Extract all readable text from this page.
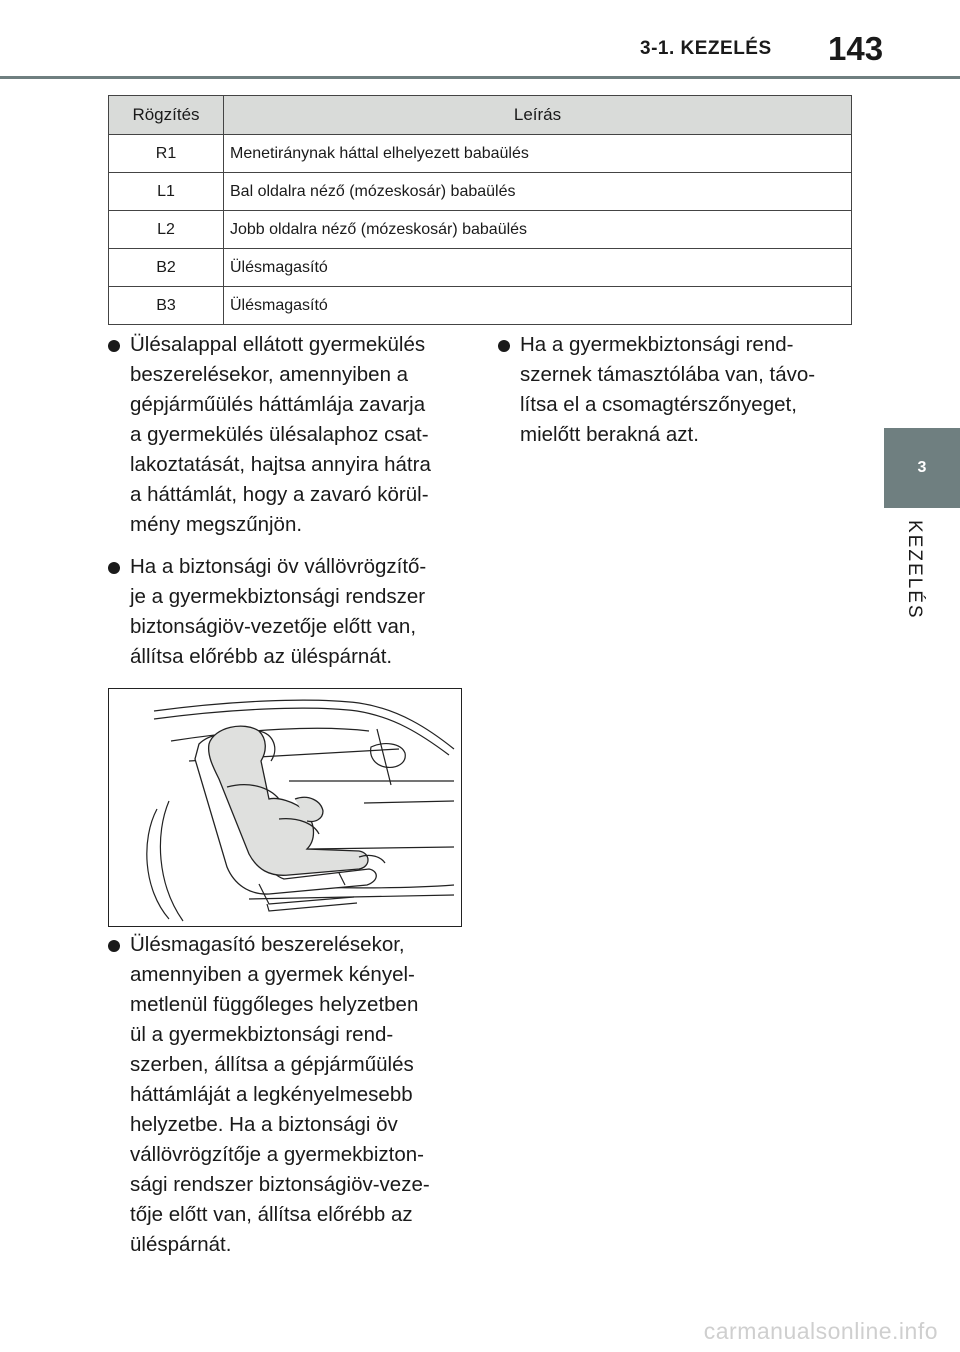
3-1. KEZELÉS 143
3
KEZELÉS
Rögzítés	Leírás
R1	Menetiránynak háttal elhelyezett babaülés
L1	Bal oldalra néző (mózeskosár) babaülés
L2	Jobb oldalra néző (mózeskosár) babaülés
B2	Ülésmagasító
B3	Ülésmagasító
Ülésalappal ellátott gyermekülés
beszerelésekor, amennyiben a
gépjárműülés háttámlája zavarja
a gyermekülés ülésalaphoz csat-
lakoztatását, hajtsa annyira hátra
a háttámlát, hogy a zavaró körül-
mény megszűnjön.
Ha a biztonsági öv vállövrögzítő-
je a gyermekbiztonsági rendszer
biztonságiöv-vezetője előtt van,
állítsa előrébb az üléspárnát.
Ülésmagasító beszerelésekor,
amennyiben a gyermek kényel-
metlenül függőleges helyzetben
ül a gyermekbiztonsági rend-
szerben, állítsa a gépjárműülés
háttámláját a legkényelmesebb
helyzetbe. Ha a biztonsági öv
vállövrögzítője a gyermekbizton-
sági rendszer biztonságiöv-veze-
tője előtt van, állítsa előrébb az
üléspárnát.
Ha a gyermekbiztonsági rend-
szernek támasztólába van, távo-
lítsa el a csomagtérszőnyeget,
mielőtt berakná azt.
carmanualsonline.info
